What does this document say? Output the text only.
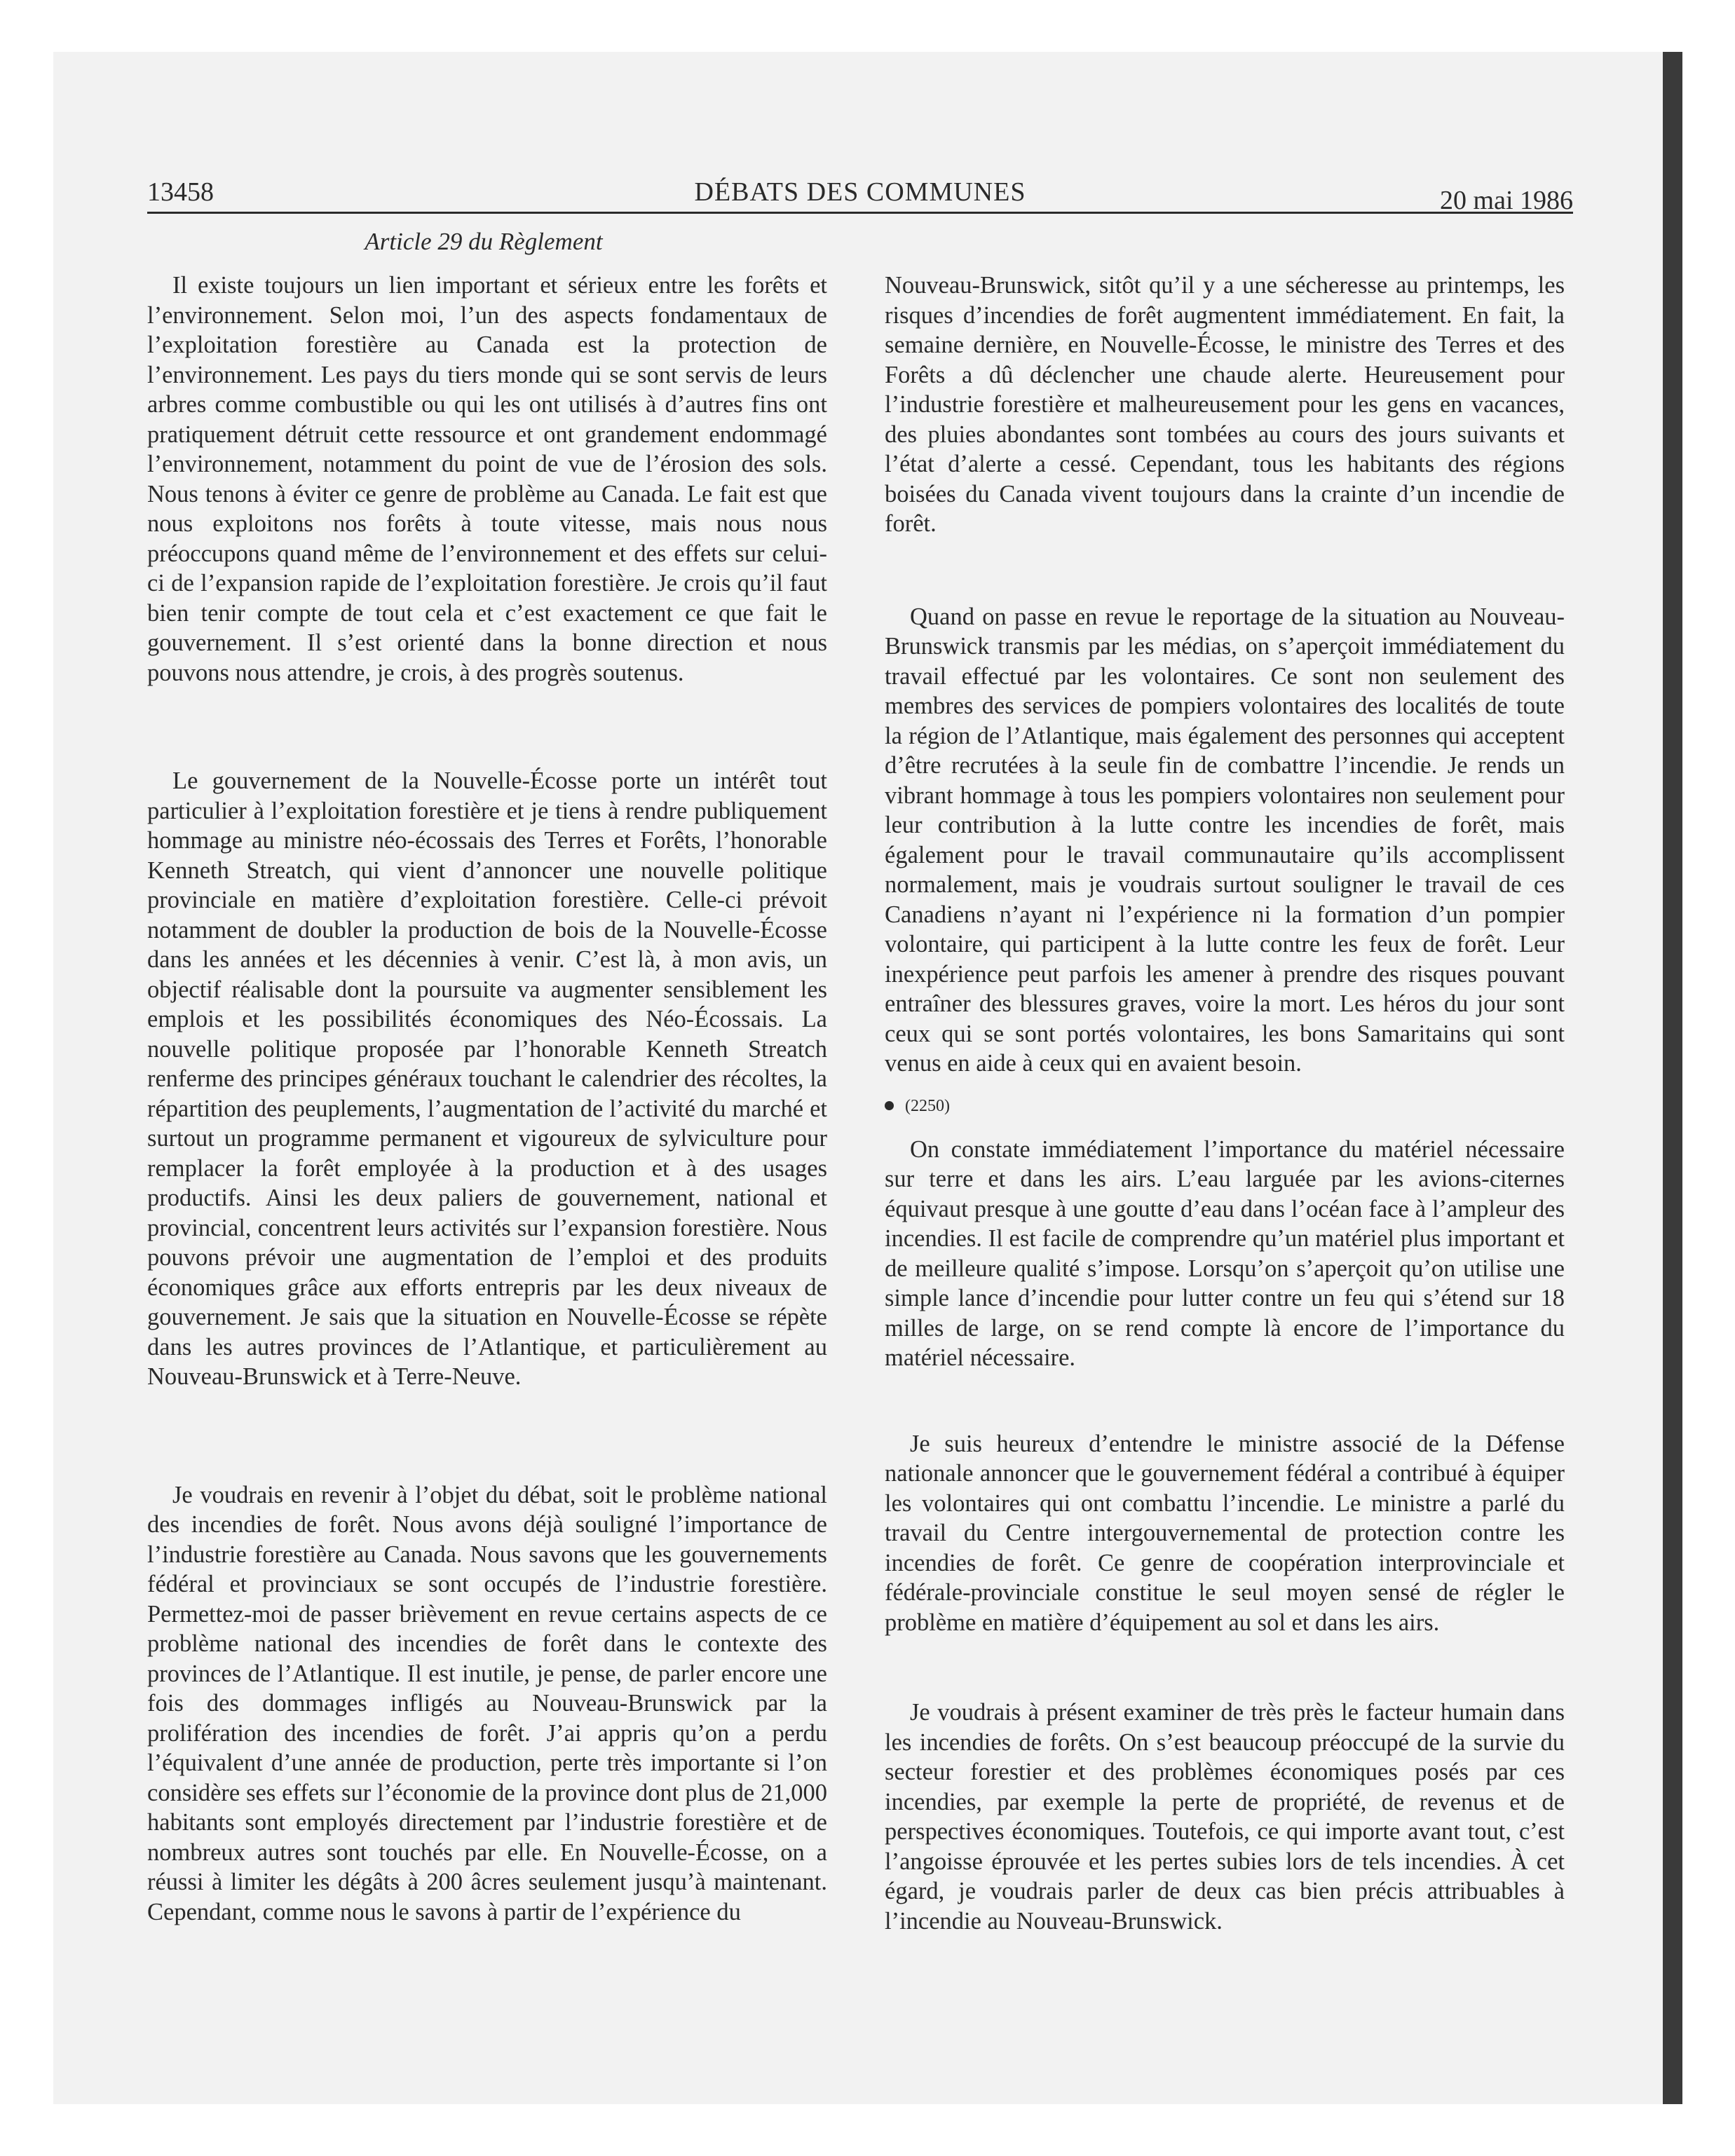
13458	DÉBATS DES COMMUNES	20 mai 1986
Article 29 du Règlement

Il existe toujours un lien important et sérieux entre les forêts et l’environnement. Selon moi, l’un des aspects fondamentaux de l’exploitation forestière au Canada est la protection de l’environnement. Les pays du tiers monde qui se sont servis de leurs arbres comme combustible ou qui les ont utilisés à d’autres fins ont pratiquement détruit cette ressource et ont grandement endommagé l’environnement, notamment du point de vue de l’érosion des sols. Nous tenons à éviter ce genre de problème au Canada. Le fait est que nous exploitons nos forêts à toute vitesse, mais nous nous préoccupons quand même de l’environnement et des effets sur celui-ci de l’expansion rapide de l’exploitation forestière. Je crois qu’il faut bien tenir compte de tout cela et c’est exactement ce que fait le gouvernement. Il s’est orienté dans la bonne direction et nous pouvons nous attendre, je crois, à des progrès soutenus.

Le gouvernement de la Nouvelle-Écosse porte un intérêt tout particulier à l’exploitation forestière et je tiens à rendre publiquement hommage au ministre néo-écossais des Terres et Forêts, l’honorable Kenneth Streatch, qui vient d’annoncer une nouvelle politique provinciale en matière d’exploitation forestière. Celle-ci prévoit notamment de doubler la production de bois de la Nouvelle-Écosse dans les années et les décennies à venir. C’est là, à mon avis, un objectif réalisable dont la poursuite va augmenter sensiblement les emplois et les possibilités économiques des Néo-Écossais. La nouvelle politique proposée par l’honorable Kenneth Streatch renferme des principes généraux touchant le calendrier des récoltes, la répartition des peuplements, l’augmentation de l’activité du marché et surtout un programme permanent et vigoureux de sylviculture pour remplacer la forêt employée à la production et à des usages productifs. Ainsi les deux paliers de gouvernement, national et provincial, concentrent leurs activités sur l’expansion forestière. Nous pouvons prévoir une augmentation de l’emploi et des produits économiques grâce aux efforts entrepris par les deux niveaux de gouvernement. Je sais que la situation en Nouvelle-Écosse se répète dans les autres provinces de l’Atlantique, et particulièrement au Nouveau-Brunswick et à Terre-Neuve.

Je voudrais en revenir à l’objet du débat, soit le problème national des incendies de forêt. Nous avons déjà souligné l’importance de l’industrie forestière au Canada. Nous savons que les gouvernements fédéral et provinciaux se sont occupés de l’industrie forestière. Permettez-moi de passer brièvement en revue certains aspects de ce problème national des incendies de forêt dans le contexte des provinces de l’Atlantique. Il est inutile, je pense, de parler encore une fois des dommages infligés au Nouveau-Brunswick par la prolifération des incendies de forêt. J’ai appris qu’on a perdu l’équivalent d’une année de production, perte très importante si l’on considère ses effets sur l’économie de la province dont plus de 21,000 habitants sont employés directement par l’industrie forestière et de nombreux autres sont touchés par elle. En Nouvelle-Écosse, on a réussi à limiter les dégâts à 200 âcres seulement jusqu’à maintenant. Cependant, comme nous le savons à partir de l’expérience du

Nouveau-Brunswick, sitôt qu’il y a une sécheresse au printemps, les risques d’incendies de forêt augmentent immédiatement. En fait, la semaine dernière, en Nouvelle-Écosse, le ministre des Terres et des Forêts a dû déclencher une chaude alerte. Heureusement pour l’industrie forestière et malheureusement pour les gens en vacances, des pluies abondantes sont tombées au cours des jours suivants et l’état d’alerte a cessé. Cependant, tous les habitants des régions boisées du Canada vivent toujours dans la crainte d’un incendie de forêt.

Quand on passe en revue le reportage de la situation au Nouveau-Brunswick transmis par les médias, on s’aperçoit immédiatement du travail effectué par les volontaires. Ce sont non seulement des membres des services de pompiers volontaires des localités de toute la région de l’Atlantique, mais également des personnes qui acceptent d’être recrutées à la seule fin de combattre l’incendie. Je rends un vibrant hommage à tous les pompiers volontaires non seulement pour leur contribution à la lutte contre les incendies de forêt, mais également pour le travail communautaire qu’ils accomplissent normalement, mais je voudrais surtout souligner le travail de ces Canadiens n’ayant ni l’expérience ni la formation d’un pompier volontaire, qui participent à la lutte contre les feux de forêt. Leur inexpérience peut parfois les amener à prendre des risques pouvant entraîner des blessures graves, voire la mort. Les héros du jour sont ceux qui se sont portés volontaires, les bons Samaritains qui sont venus en aide à ceux qui en avaient besoin.

(2250)

On constate immédiatement l’importance du matériel nécessaire sur terre et dans les airs. L’eau larguée par les avions-citernes équivaut presque à une goutte d’eau dans l’océan face à l’ampleur des incendies. Il est facile de comprendre qu’un matériel plus important et de meilleure qualité s’impose. Lorsqu’on s’aperçoit qu’on utilise une simple lance d’incendie pour lutter contre un feu qui s’étend sur 18 milles de large, on se rend compte là encore de l’importance du matériel nécessaire.

Je suis heureux d’entendre le ministre associé de la Défense nationale annoncer que le gouvernement fédéral a contribué à équiper les volontaires qui ont combattu l’incendie. Le ministre a parlé du travail du Centre intergouvernemental de protection contre les incendies de forêt. Ce genre de coopération interprovinciale et fédérale-provinciale constitue le seul moyen sensé de régler le problème en matière d’équipement au sol et dans les airs.

Je voudrais à présent examiner de très près le facteur humain dans les incendies de forêts. On s’est beaucoup préoccupé de la survie du secteur forestier et des problèmes économiques posés par ces incendies, par exemple la perte de propriété, de revenus et de perspectives économiques. Toutefois, ce qui importe avant tout, c’est l’angoisse éprouvée et les pertes subies lors de tels incendies. À cet égard, je voudrais parler de deux cas bien précis attribuables à l’incendie au Nouveau-Brunswick.
